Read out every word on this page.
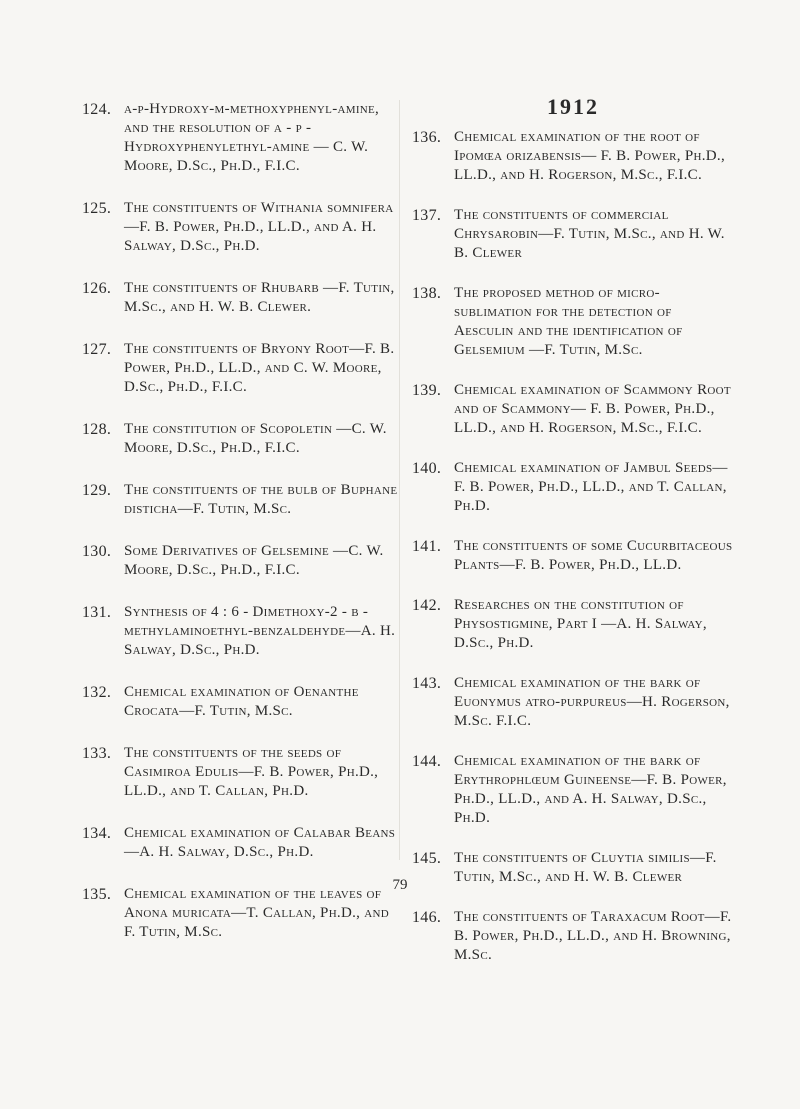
124. a-p-Hydroxy-m-methoxyphenyl-amine, and the resolution of a - p - Hydroxyphenylethyl-amine — C. W. Moore, D.Sc., Ph.D., F.I.C.
125. The constituents of Withania somnifera—F. B. Power, Ph.D., LL.D., and A. H. Salway, D.Sc., Ph.D.
126. The constituents of Rhubarb —F. Tutin, M.Sc., and H. W. B. Clewer.
127. The constituents of Bryony Root—F. B. Power, Ph.D., LL.D., and C. W. Moore, D.Sc., Ph.D., F.I.C.
128. The constitution of Scopoletin —C. W. Moore, D.Sc., Ph.D., F.I.C.
129. The constituents of the bulb of Buphane disticha—F. Tutin, M.Sc.
130. Some Derivatives of Gelsemine —C. W. Moore, D.Sc., Ph.D., F.I.C.
131. Synthesis of 4 : 6 - Dimethoxy-2 - β - methylaminoethyl-benzaldehyde—A. H. Salway, D.Sc., Ph.D.
132. Chemical examination of Oenanthe Crocata—F. Tutin, M.Sc.
133. The constituents of the seeds of Casimiroa Edulis—F. B. Power, Ph.D., LL.D., and T. Callan, Ph.D.
134. Chemical examination of Calabar Beans—A. H. Salway, D.Sc., Ph.D.
135. Chemical examination of the leaves of Anona muricata—T. Callan, Ph.D., and F. Tutin, M.Sc.
1912
136. Chemical examination of the root of Ipomœa orizabensis— F. B. Power, Ph.D., LL.D., and H. Rogerson, M.Sc., F.I.C.
137. The constituents of commercial Chrysarobin—F. Tutin, M.Sc., and H. W. B. Clewer
138. The proposed method of micro-sublimation for the detection of Aesculin and the identification of Gelsemium —F. Tutin, M.Sc.
139. Chemical examination of Scammony Root and of Scammony— F. B. Power, Ph.D., LL.D., and H. Rogerson, M.Sc., F.I.C.
140. Chemical examination of Jambul Seeds—F. B. Power, Ph.D., LL.D., and T. Callan, Ph.D.
141. The constituents of some Cucurbitaceous Plants—F. B. Power, Ph.D., LL.D.
142. Researches on the constitution of Physostigmine, Part I —A. H. Salway, D.Sc., Ph.D.
143. Chemical examination of the bark of Euonymus atro-purpureus—H. Rogerson, M.Sc. F.I.C.
144. Chemical examination of the bark of Erythrophlœum Guineense—F. B. Power, Ph.D., LL.D., and A. H. Salway, D.Sc., Ph.D.
145. The constituents of Cluytia similis—F. Tutin, M.Sc., and H. W. B. Clewer
146. The constituents of Taraxacum Root—F. B. Power, Ph.D., LL.D., and H. Browning, M.Sc.
79
